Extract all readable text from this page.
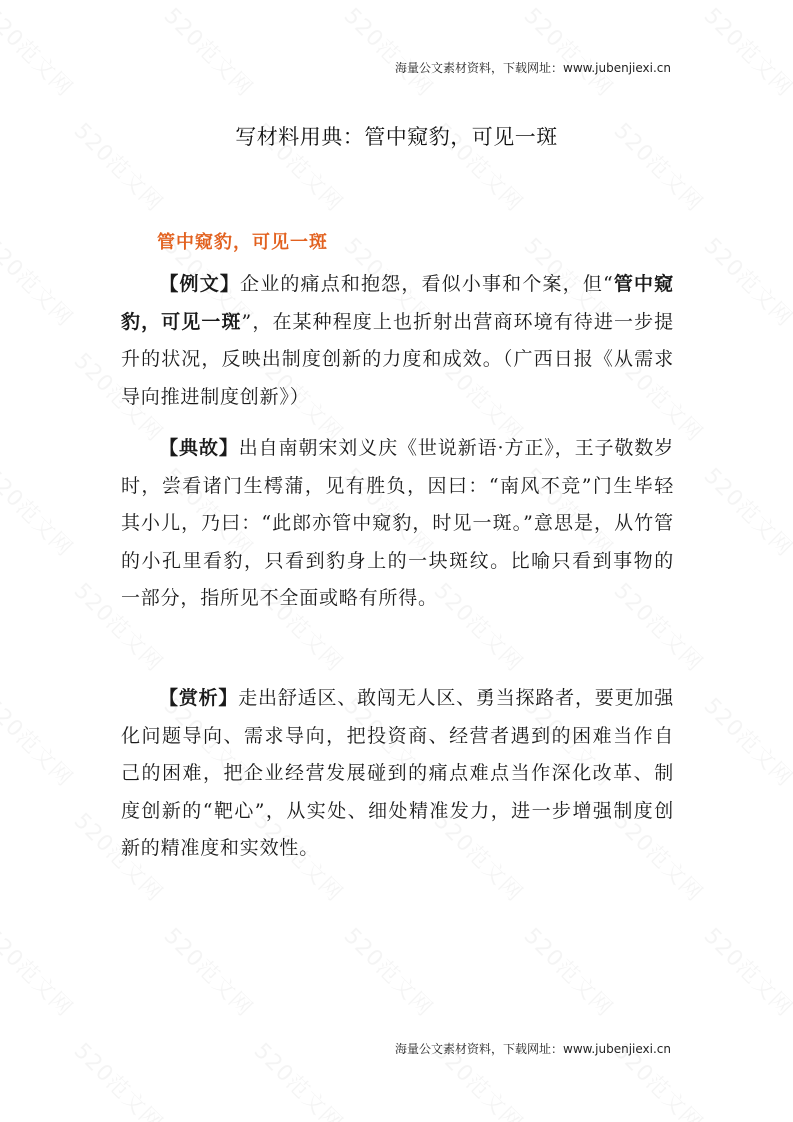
海量公文素材资料，下载网址：www.jubenjiexi.cn
写材料用典：管中窥豹，可见一斑
管中窥豹，可见一斑

【例文】企业的痛点和抱怨，看似小事和个案，但“管中窥豹，可见一斑”，在某种程度上也折射出营商环境有待进一步提升的状况，反映出制度创新的力度和成效。（广西日报《从需求导向推进制度创新》）

【典故】出自南朝宋刘义庆《世说新语·方正》，王子敬数岁时，尝看诸门生樗蒲，见有胜负，因曰：“南风不竞”门生毕轻其小儿，乃曰：“此郎亦管中窥豹，时见一斑。”意思是，从竹管的小孔里看豹，只看到豹身上的一块斑纹。比喻只看到事物的一部分，指所见不全面或略有所得。

【赏析】走出舒适区、敢闯无人区、勇当探路者，要更加强化问题导向、需求导向，把投资商、经营者遇到的困难当作自己的困难，把企业经营发展碰到的痛点难点当作深化改革、制度创新的“靶心”，从实处、细处精准发力，进一步增强制度创新的精准度和实效性。

海量公文素材资料，下载网址：www.jubenjiexi.cn
